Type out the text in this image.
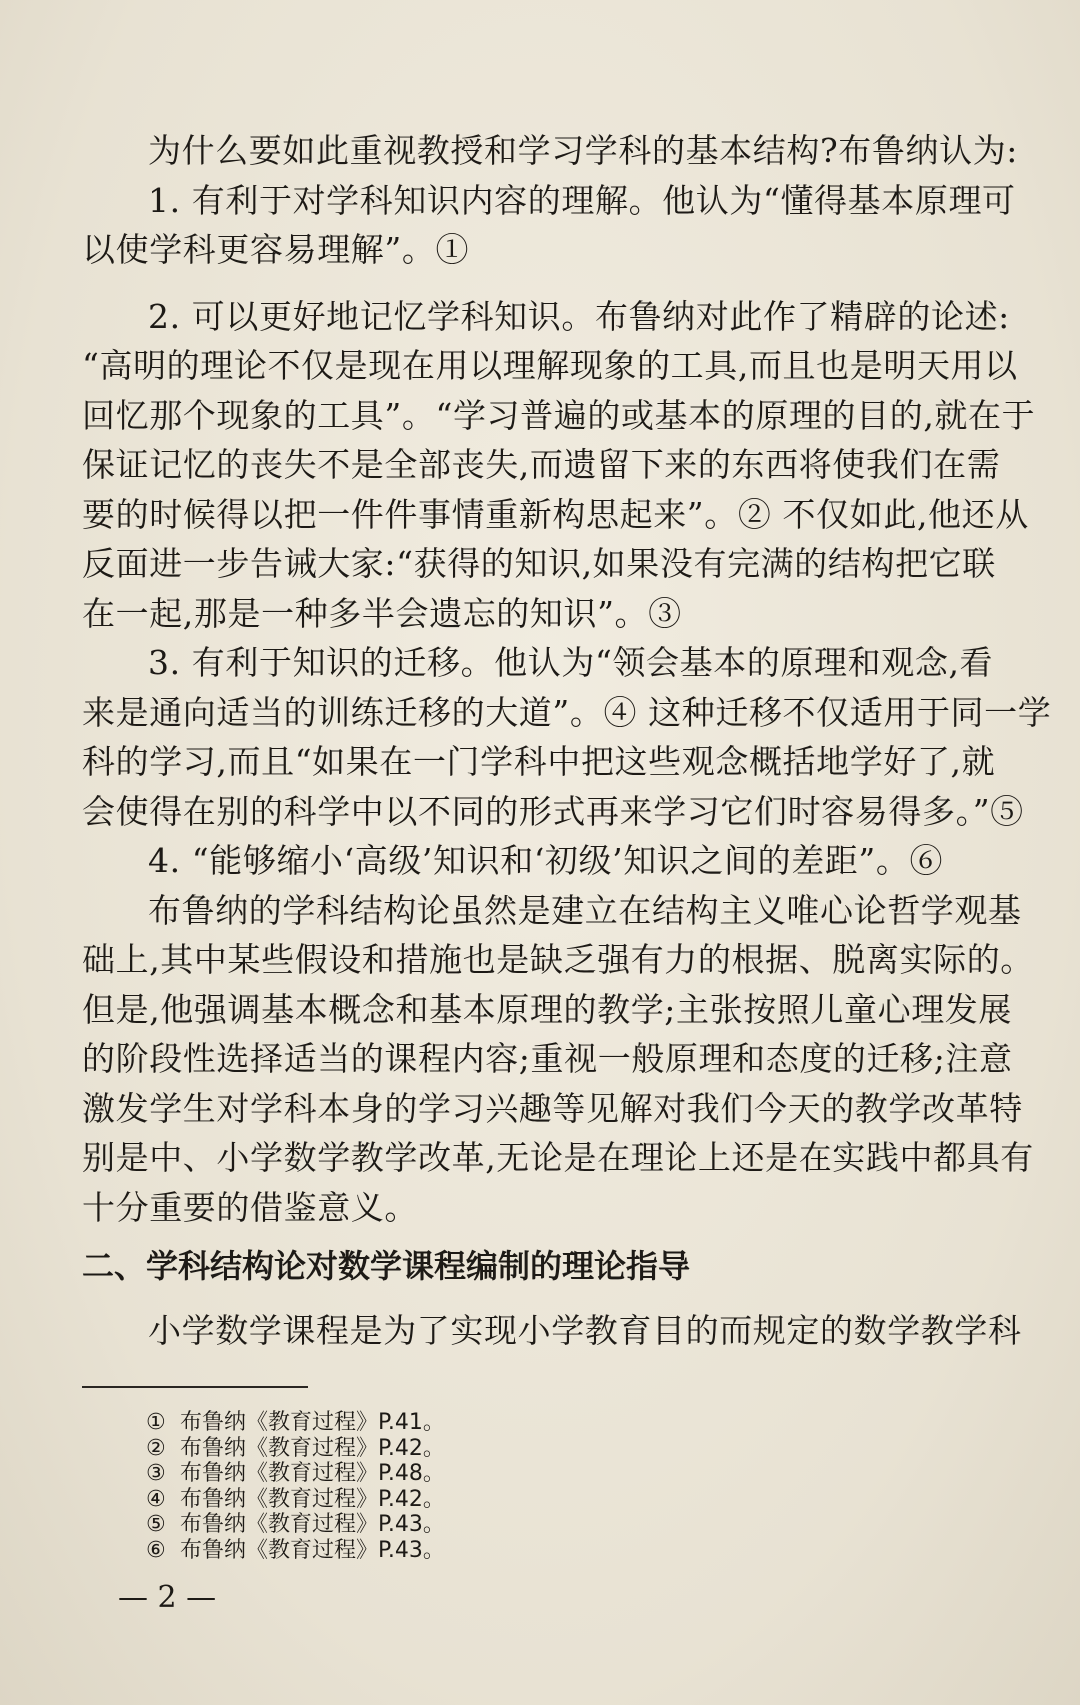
为什么要如此重视教授和学习学科的基本结构?布鲁纳认为:
1. 有利于对学科知识内容的理解。他认为“懂得基本原理可
以使学科更容易理解”。①
2. 可以更好地记忆学科知识。布鲁纳对此作了精辟的论述:
“高明的理论不仅是现在用以理解现象的工具,而且也是明天用以
回忆那个现象的工具”。“学习普遍的或基本的原理的目的,就在于
保证记忆的丧失不是全部丧失,而遗留下来的东西将使我们在需
要的时候得以把一件件事情重新构思起来”。② 不仅如此,他还从
反面进一步告诫大家:“获得的知识,如果没有完满的结构把它联
在一起,那是一种多半会遗忘的知识”。③
3. 有利于知识的迁移。他认为“领会基本的原理和观念,看
来是通向适当的训练迁移的大道”。④ 这种迁移不仅适用于同一学
科的学习,而且“如果在一门学科中把这些观念概括地学好了,就
会使得在别的科学中以不同的形式再来学习它们时容易得多。”⑤
4. “能够缩小‘高级’知识和‘初级’知识之间的差距”。⑥
布鲁纳的学科结构论虽然是建立在结构主义唯心论哲学观基
础上,其中某些假设和措施也是缺乏强有力的根据、脱离实际的。
但是,他强调基本概念和基本原理的教学;主张按照儿童心理发展
的阶段性选择适当的课程内容;重视一般原理和态度的迁移;注意
激发学生对学科本身的学习兴趣等见解对我们今天的教学改革特
别是中、小学数学教学改革,无论是在理论上还是在实践中都具有
十分重要的借鉴意义。
二、学科结构论对数学课程编制的理论指导
小学数学课程是为了实现小学教育目的而规定的数学教学科
① 布鲁纳《教育过程》P.41。
② 布鲁纳《教育过程》P.42。
③ 布鲁纳《教育过程》P.48。
④ 布鲁纳《教育过程》P.42。
⑤ 布鲁纳《教育过程》P.43。
⑥ 布鲁纳《教育过程》P.43。
— 2 —
